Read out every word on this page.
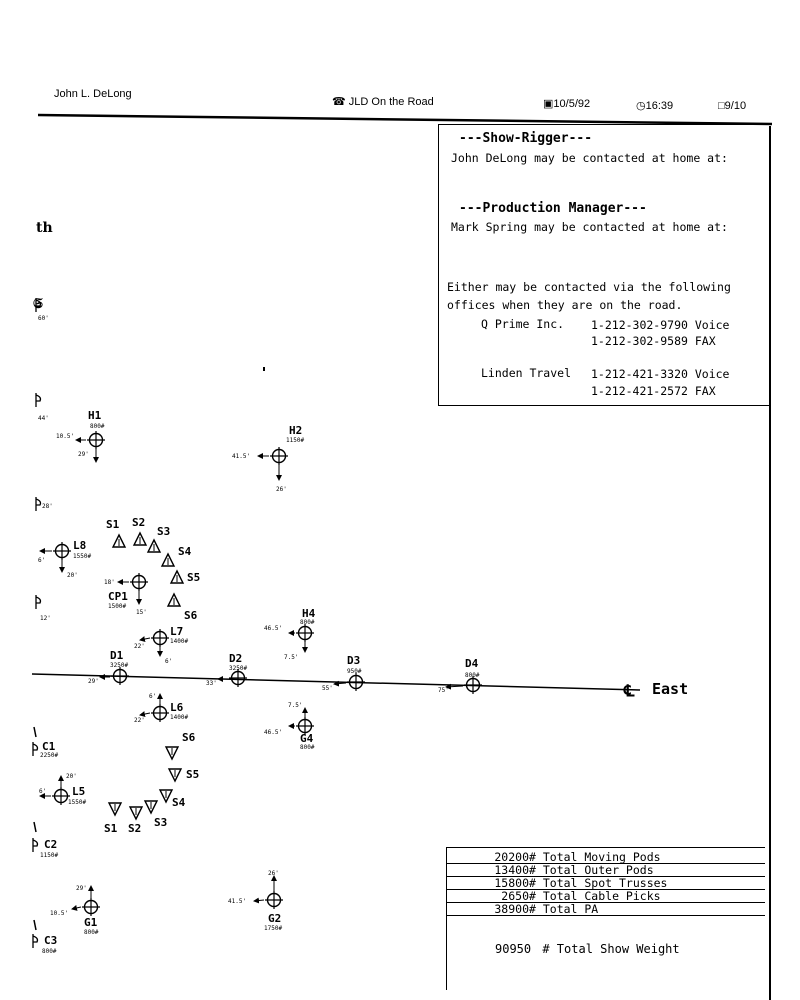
John L. DeLong
☎ JLD On the Road	▣10/5/92	◷16:39	□9/10
---Show-Rigger---
John DeLong may be contacted at home at:
---Production Manager---
Mark Spring may be contacted at home at:
Either may be contacted via the following
offices when they are on the road.
Q Prime Inc. 1-212-302-9790 Voice
1-212-302-9589 FAX
Linden Travel 1-212-421-3320 Voice
1-212-421-2572 FAX
20200 # Total Moving Pods
13400 # Total Outer Pods
15800 # Total Spot Trusses
2650 # Total Cable Picks
38900 # Total PA
90950 # Total Show Weight
th
℄ East
𝔖
60'
44'
28'
12'
H1
800#
10.5'
29'
H2
1150#
41.5'
26'
H4
800#
46.5'
7.5'
G4
800#
46.5'
7.5'
L8
1550#
6'
20'
CP1
1500#
18'
15'
L7
1400#
22'
6'
L6
1400#
22'
6'
L5
1550#
6'
20'
D1
3250#
29'
D2
3250#
33'
D3
950#
55'
D4
800#
75'
C1
2250#
C2
1150#
C3
800#
G1
800#
10.5'
29'
G2
1750#
41.5'
26'
S1 S2
S3
S4
S5
S6
S6
S5
S4
S3
S2
S1
